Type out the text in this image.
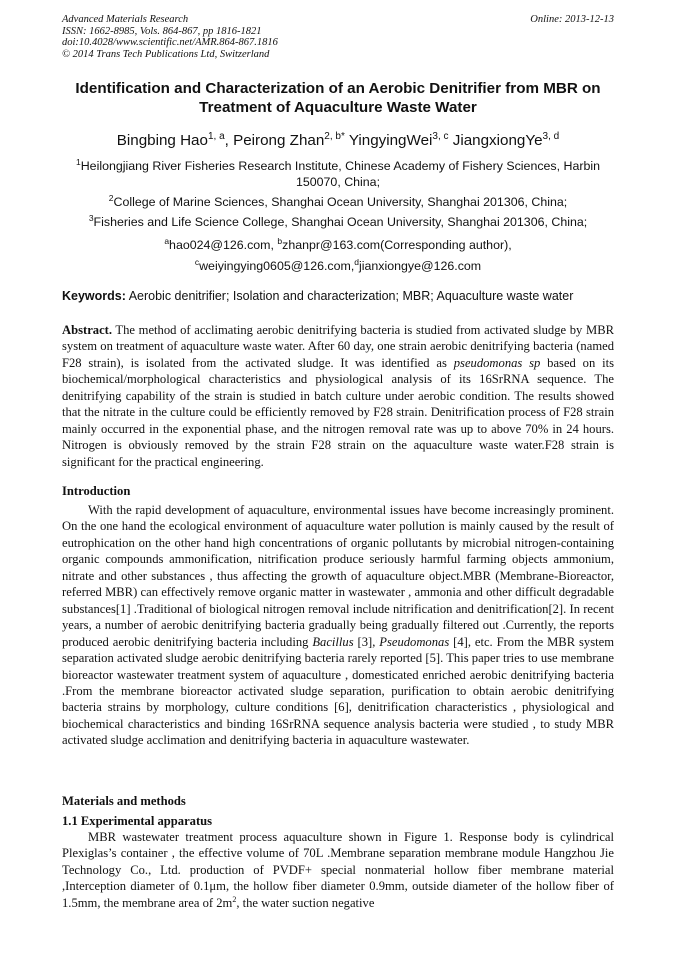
Advanced Materials Research
ISSN: 1662-8985, Vols. 864-867, pp 1816-1821
doi:10.4028/www.scientific.net/AMR.864-867.1816
© 2014 Trans Tech Publications Ltd, Switzerland
Online: 2013-12-13
Identification and Characterization of an Aerobic Denitrifier from MBR on Treatment of Aquaculture Waste Water
Bingbing Hao$^{1, a}$, Peirong Zhan$^{2, b*}$ YingyingWei$^{3, c}$ JiangxiongYe$^{3, d}$
$^1$Heilongjiang River Fisheries Research Institute, Chinese Academy of Fishery Sciences, Harbin 150070, China;
$^2$College of Marine Sciences, Shanghai Ocean University, Shanghai 201306, China;
$^3$Fisheries and Life Science College, Shanghai Ocean University, Shanghai 201306, China;
$^a$hao024@126.com, $^b$zhanpr@163.com(Corresponding author),
$^c$weiyingying0605@126.com,$^d$jianxiongye@126.com
Keywords: Aerobic denitrifier; Isolation and characterization; MBR; Aquaculture waste water

Abstract. The method of acclimating aerobic denitrifying bacteria is studied from activated sludge by MBR system on treatment of aquaculture waste water. After 60 day, one strain aerobic denitrifying bacteria (named F28 strain), is isolated from the activated sludge. It was identified as pseudomonas sp based on its biochemical/morphological characteristics and physiological analysis of its 16SrRNA sequence. The denitrifying capability of the strain is studied in batch culture under aerobic condition. The results showed that the nitrate in the culture could be efficiently removed by F28 strain. Denitrification process of F28 strain mainly occurred in the exponential phase, and the nitrogen removal rate was up to above 70% in 24 hours. Nitrogen is obviously removed by the strain F28 strain on the aquaculture waste water.F28 strain is significant for the practical engineering.

Introduction

With the rapid development of aquaculture, environmental issues have become increasingly prominent. On the one hand the ecological environment of aquaculture water pollution is mainly caused by the result of eutrophication on the other hand high concentrations of organic pollutants by microbial nitrogen-containing organic compounds ammonification, nitrification produce seriously harmful farming objects ammonium, nitrate and other substances , thus affecting the growth of aquaculture object.MBR (Membrane-Bioreactor, referred MBR) can effectively remove organic matter in wastewater , ammonia and other difficult degradable substances[1] .Traditional of biological nitrogen removal include nitrification and denitrification[2]. In recent years, a number of aerobic denitrifying bacteria gradually being gradually filtered out .Currently, the reports produced aerobic denitrifying bacteria including Bacillus [3], Pseudomonas [4], etc. From the MBR system separation activated sludge aerobic denitrifying bacteria rarely reported [5]. This paper tries to use membrane bioreactor wastewater treatment system of aquaculture , domesticated enriched aerobic denitrifying bacteria .From the membrane bioreactor activated sludge separation, purification to obtain aerobic denitrifying bacteria strains by morphology, culture conditions [6], denitrification characteristics , physiological and biochemical characteristics and binding 16SrRNA sequence analysis bacteria were studied , to study MBR activated sludge acclimation and denitrifying bacteria in aquaculture wastewater.

Materials and methods
1.1 Experimental apparatus

MBR wastewater treatment process aquaculture shown in Figure 1. Response body is cylindrical Plexiglas’s container , the effective volume of 70L .Membrane separation membrane module Hangzhou Jie Technology Co., Ltd. production of PVDF+ special nonmaterial hollow fiber membrane material ,Interception diameter of 0.1μm, the hollow fiber diameter 0.9mm, outside diameter of the hollow fiber of 1.5mm, the membrane area of $2m^2$, the water suction negative
